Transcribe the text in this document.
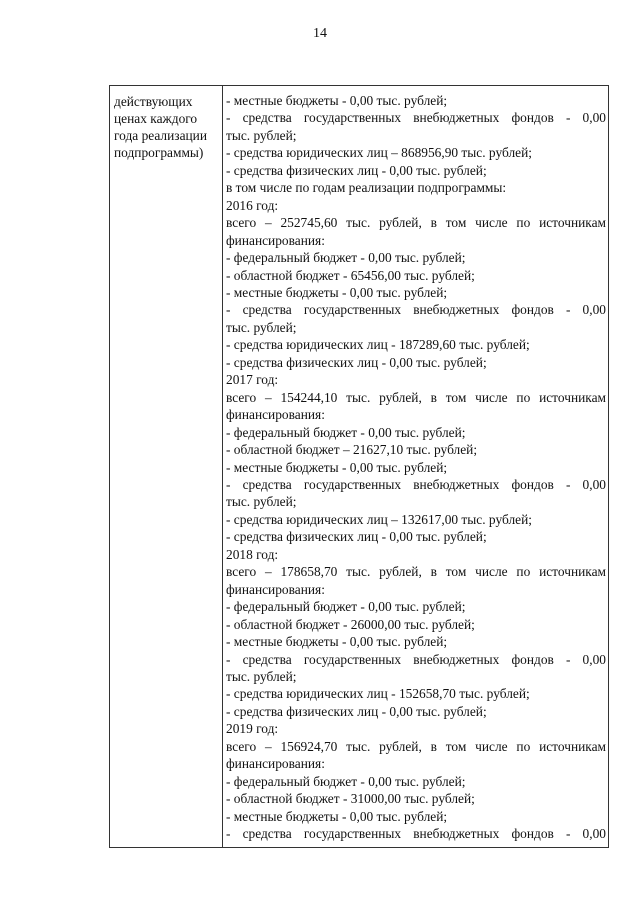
14
действующих
ценах каждого
года реализации
подпрограммы)
- местные бюджеты - 0,00 тыс. рублей;
- средства государственных внебюджетных фондов - 0,00
тыс. рублей;
- средства юридических лиц – 868956,90 тыс. рублей;
- средства физических лиц - 0,00 тыс. рублей;
в том числе по годам реализации подпрограммы:
2016 год:
всего – 252745,60 тыс. рублей, в том числе по источникам
финансирования:
- федеральный бюджет - 0,00 тыс. рублей;
- областной бюджет - 65456,00 тыс. рублей;
- местные бюджеты - 0,00 тыс. рублей;
- средства государственных внебюджетных фондов - 0,00
тыс. рублей;
- средства юридических лиц - 187289,60 тыс. рублей;
- средства физических лиц - 0,00 тыс. рублей;
2017 год:
всего – 154244,10 тыс. рублей, в том числе по источникам
финансирования:
- федеральный бюджет - 0,00 тыс. рублей;
- областной бюджет – 21627,10 тыс. рублей;
- местные бюджеты - 0,00 тыс. рублей;
- средства государственных внебюджетных фондов - 0,00
тыс. рублей;
- средства юридических лиц – 132617,00 тыс. рублей;
- средства физических лиц - 0,00 тыс. рублей;
2018 год:
всего – 178658,70 тыс. рублей, в том числе по источникам
финансирования:
- федеральный бюджет - 0,00 тыс. рублей;
- областной бюджет - 26000,00 тыс. рублей;
- местные бюджеты - 0,00 тыс. рублей;
- средства государственных внебюджетных фондов - 0,00
тыс. рублей;
- средства юридических лиц - 152658,70 тыс. рублей;
- средства физических лиц - 0,00 тыс. рублей;
2019 год:
всего – 156924,70 тыс. рублей, в том числе по источникам
финансирования:
- федеральный бюджет - 0,00 тыс. рублей;
- областной бюджет - 31000,00 тыс. рублей;
- местные бюджеты - 0,00 тыс. рублей;
- средства государственных внебюджетных фондов - 0,00
